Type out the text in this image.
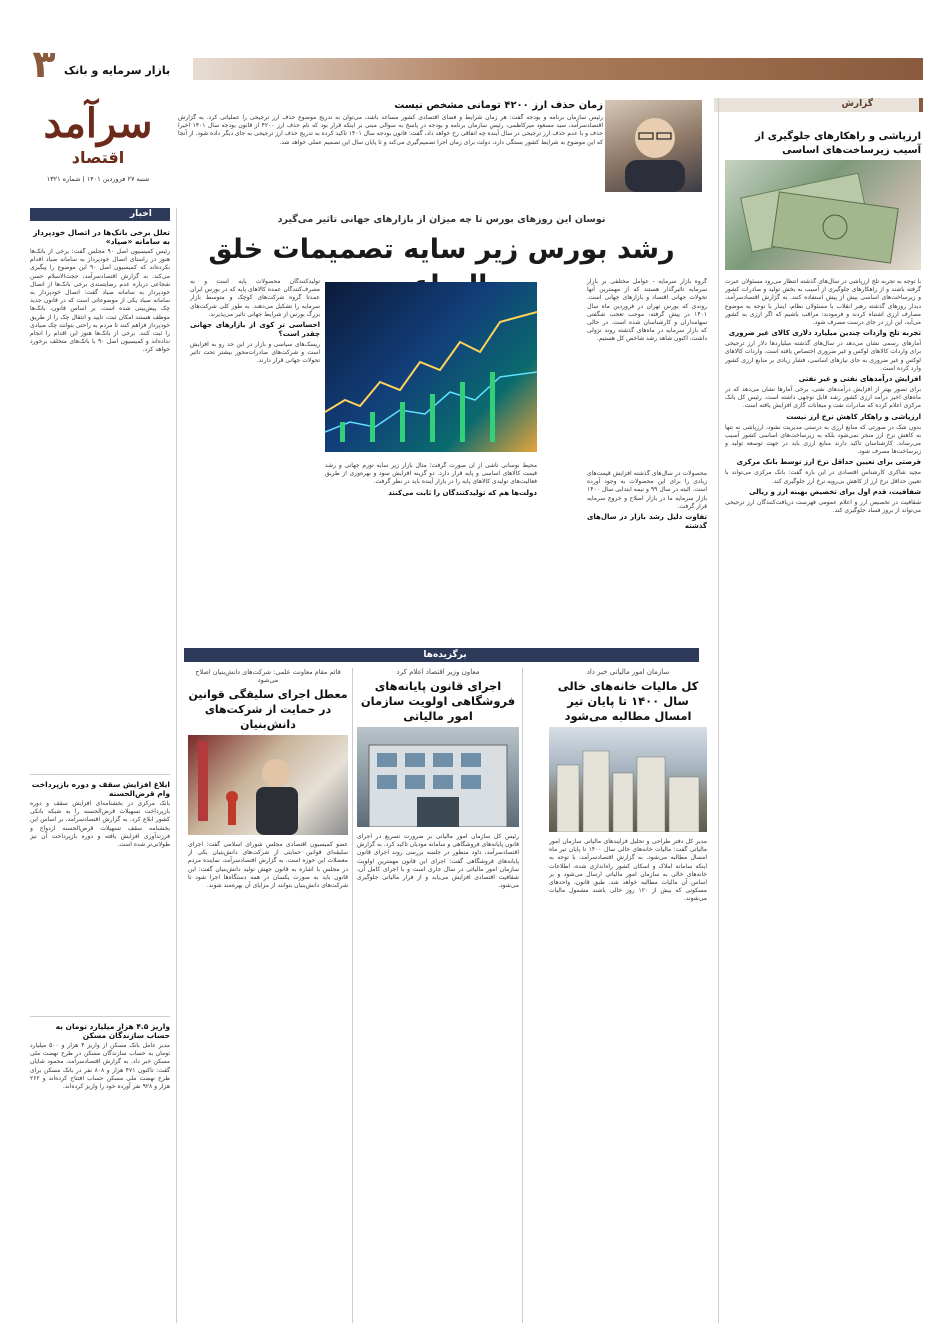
بازار سرمایه و بانک
۳
سرآمد
اقتصاد
شنبه ۲۷ فروردین ۱۴۰۱ | شماره ۱۳۲۱
زمان حذف ارز ۴۲۰۰ تومانی مشخص نیست
رئیس سازمان برنامه و بودجه گفت: هر زمان شرایط و فضای اقتصادی کشور مساعد باشد، می‌توان به تدریج موضوع حذف ارز ترجیحی را عملیاتی کرد. به گزارش اقتصادسرآمد، سید مسعود میرکاظمی، رئیس سازمان برنامه و بودجه در پاسخ به سوالی مبنی بر اینکه قرار بود که نام حذف ارز ۴۲۰۰ از قانون بودجه سال ۱۴۰۱ اخیرا حذف و با عدم حذف ارز ترجیحی در سال آینده چه اتفاقی رخ خواهد داد، گفت: قانون بودجه سال ۱۴۰۱ تاکید کرده به تدریج حذف ارز ترجیحی به جای دیگر داده شود. از آنجا که این موضوع به شرایط کشور بستگی دارد، دولت برای زمان اجرا تصمیم‌گیری می‌کند و تا پایان سال این تصمیم عملی خواهد شد.
گزارش
ارزپاشی و راهکارهای جلوگیری از آسیب زیرساخت‌های اساسی

با توجه به تجربه تلخ ارزپاشی در سال‌های گذشته انتظار می‌رود مسئولان عبرت گرفته باشند و از راهکارهای جلوگیری از آسیب به بخش تولید و صادرات کشور و زیرساخت‌های اساسی بیش از پیش استفاده کنند. به گزارش اقتصادسرآمد، دیدار روزهای گذشته رهبر انقلاب با مسئولان نظام، اینبار با توجه به موضوع مصارف ارزی اشتباه کردند و فرمودند: مراقب باشیم که اگر ارزی به کشور می‌آید، این ارز در جای درست مصرف شود.

تجربه تلخ واردات چندین میلیارد دلاری کالای غیر ضروری

آمارهای رسمی نشان می‌دهد در سال‌های گذشته میلیاردها دلار ارز ترجیحی برای واردات کالاهای لوکس و غیر ضروری اختصاص یافته است. واردات کالاهای لوکس و غیر ضروری به جای نیازهای اساسی، فشار زیادی بر منابع ارزی کشور وارد کرده است.

افزایش درآمدهای نفتی و غیر نفتی

برای تصور بهتر از افزایش درآمدهای نفتی، برخی آمارها نشان می‌دهد که در ماه‌های اخیر درآمد ارزی کشور رشد قابل توجهی داشته است. رئیس کل بانک مرکزی اعلام کرده که صادرات نفت و میعانات گازی افزایش یافته است.

ارزپاشی و راهکار کاهش نرخ ارز نیست

بدون شک در صورتی که منابع ارزی به درستی مدیریت نشود، ارزپاشی نه تنها به کاهش نرخ ارز منجر نمی‌شود بلکه به زیرساخت‌های اساسی کشور آسیب می‌رساند. کارشناسان تاکید دارند منابع ارزی باید در جهت توسعه تولید و زیرساخت‌ها مصرف شود.

فرصتی برای تعیین حداقل نرخ ارز توسط بانک مرکزی

مجید شاکری کارشناس اقتصادی در این باره گفت: بانک مرکزی می‌تواند با تعیین حداقل نرخ ارز از کاهش بی‌رویه نرخ ارز جلوگیری کند.

شفافیت، قدم اول برای تخصیص بهینه ارز و ریالی

شفافیت در تخصیص ارز و اعلام عمومی فهرست دریافت‌کنندگان ارز ترجیحی می‌تواند از بروز فساد جلوگیری کند.

اخبار
تعلل برخی بانک‌ها در اتصال خودپرداز به سامانه «صیاد»
رئیس کمیسیون اصل ۹۰ مجلس گفت: برخی از بانک‌ها هنوز در راستای اتصال خودپرداز به سامانه صیاد اقدام نکرده‌اند که کمیسیون اصل ۹۰ این موضوع را پیگیری می‌کند. به گزارش اقتصادسرآمد، حجت‌الاسلام حسن شجاعی درباره عدم رضایتمندی برخی بانک‌ها از اتصال خودپرداز به سامانه صیاد گفت: اتصال خودپرداز به سامانه صیاد یکی از موضوعاتی است که در قانون جدید چک پیش‌بینی شده است. بر اساس قانون، بانک‌ها موظف هستند امکان ثبت، تایید و انتقال چک را از طریق خودپرداز فراهم کنند تا مردم به راحتی بتوانند چک صیادی را ثبت کنند. برخی از بانک‌ها هنوز این اقدام را انجام نداده‌اند و کمیسیون اصل ۹۰ با بانک‌های متخلف برخورد خواهد کرد.
ابلاغ افزایش سقف و دوره بازپرداخت وام قرض‌الحسنه
بانک مرکزی در بخشنامه‌ای افزایش سقف و دوره بازپرداخت تسهیلات قرض‌الحسنه را به شبکه بانکی کشور ابلاغ کرد. به گزارش اقتصادسرآمد، بر اساس این بخشنامه سقف تسهیلات قرض‌الحسنه ازدواج و فرزندآوری افزایش یافته و دوره بازپرداخت آن نیز طولانی‌تر شده است.
واریز ۴.۵ هزار میلیارد تومان به حساب سازندگان مسکن
مدیر عامل بانک مسکن از واریز ۴ هزار و ۵۰۰ میلیارد تومان به حساب سازندگان مسکن در طرح نهضت ملی مسکن خبر داد. به گزارش اقتصادسرآمد، محمود شایان گفت: تاکنون ۴۷۱ هزار و ۸۰۸ نفر در بانک مسکن برای طرح نهضت ملی مسکن حساب افتتاح کرده‌اند و ۲۶۲ هزار و ۹۲۸ نفر آورده خود را واریز کرده‌اند.
نوسان این روزهای بورس تا چه میزان از بازارهای جهانی تاثیر می‌گیرد
رشد بورس زیر سایه تصمیمات خلق

گروه بازار سرمایه - عوامل مختلفی بر بازار سرمایه تاثیرگذار هستند که از مهمترین آنها تحولات جهانی اقتصاد و بازارهای جهانی است. روندی که بورس تهران در فروردین ماه سال ۱۴۰۱ در پیش گرفته، موجب تعجب شگفتی سهامداران و کارشناسان شده است. در حالی که بازار سرمایه در ماه‌های گذشته روند نزولی داشت، اکنون شاهد رشد شاخص کل هستیم.

تولیدکنندگان محصولات پایه است و به مصرف‌کنندگان عمده کالاهای پایه که در بورس ایران عمدتا گروه شرکت‌های کوچک و متوسط بازار سرمایه را تشکیل می‌دهند. به طور کلی شرکت‌های بزرگ بورس از شرایط جهانی تاثیر می‌پذیرند.

احساسی تر کوی از بازارهای جهانی چقدر است؟

ریسک‌های سیاسی و بازار در این حد رو به افزایش است و شرکت‌های صادرات‌محور بیشتر تحت تاثیر تحولات جهانی قرار دارند.

محصولات در سال‌های گذشته افزایش قیمت‌های زیادی را برای این محصولات به وجود آورده است. البته در سال ۹۹ و نیمه ابتدایی سال ۱۴۰۰ بازار سرمایه ما در بازار اصلاح و خروج سرمایه قرار گرفت.

تفاوت دلیل رشد بازار در سال‌های گذشته

محیط نوسانی ناشی از آن صورت گرفت؛ مثال بازار زیر سایه تورم جهانی و رشد قیمت کالاهای اساسی و پایه قرار دارد. دو گزینه افزایش سود و بهره‌وری از طریق فعالیت‌های تولیدی کالاهای پایه را در بازار آینده باید در نظر گرفت.

دولت‌ها هم که تولیدکنندگان را ثابت می‌کنند
برگزیده‌ها
سازمان امور مالیاتی خبر داد
کل مالیات خانه‌های خالی سال ۱۴۰۰ تا پایان تیر امسال مطالبه می‌شود
مدیر کل دفتر طراحی و تحلیل فرآیندهای مالیاتی سازمان امور مالیاتی گفت: مالیات خانه‌های خالی سال ۱۴۰۰ تا پایان تیر ماه امسال مطالبه می‌شود. به گزارش اقتصادسرآمد، با توجه به اینکه سامانه املاک و اسکان کشور راه‌اندازی شده، اطلاعات خانه‌های خالی به سازمان امور مالیاتی ارسال می‌شود و بر اساس آن مالیات مطالبه خواهد شد. طبق قانون، واحدهای مسکونی که بیش از ۱۲۰ روز خالی باشند مشمول مالیات می‌شوند.
معاون وزیر اقتصاد اعلام کرد
اجرای قانون پایانه‌های فروشگاهی اولویت سازمان امور مالیاتی
رئیس کل سازمان امور مالیاتی بر ضرورت تسریع در اجرای قانون پایانه‌های فروشگاهی و سامانه مودیان تاکید کرد. به گزارش اقتصادسرآمد، داود منظور در جلسه بررسی روند اجرای قانون پایانه‌های فروشگاهی گفت: اجرای این قانون مهمترین اولویت سازمان امور مالیاتی در سال جاری است و با اجرای کامل آن، شفافیت اقتصادی افزایش می‌یابد و از فرار مالیاتی جلوگیری می‌شود.
قائم مقام معاونت علمی: شرکت‌های دانش‌بنیان اصلاح می‌شود
معطل اجرای سلیقگی قوانین در حمایت از شرکت‌های دانش‌بنیان
عضو کمیسیون اقتصادی مجلس شورای اسلامی گفت: اجرای سلیقه‌ای قوانین حمایتی از شرکت‌های دانش‌بنیان یکی از معضلات این حوزه است. به گزارش اقتصادسرآمد، نماینده مردم در مجلس با اشاره به قانون جهش تولید دانش‌بنیان گفت: این قانون باید به صورت یکسان در همه دستگاه‌ها اجرا شود تا شرکت‌های دانش‌بنیان بتوانند از مزایای آن بهره‌مند شوند.
